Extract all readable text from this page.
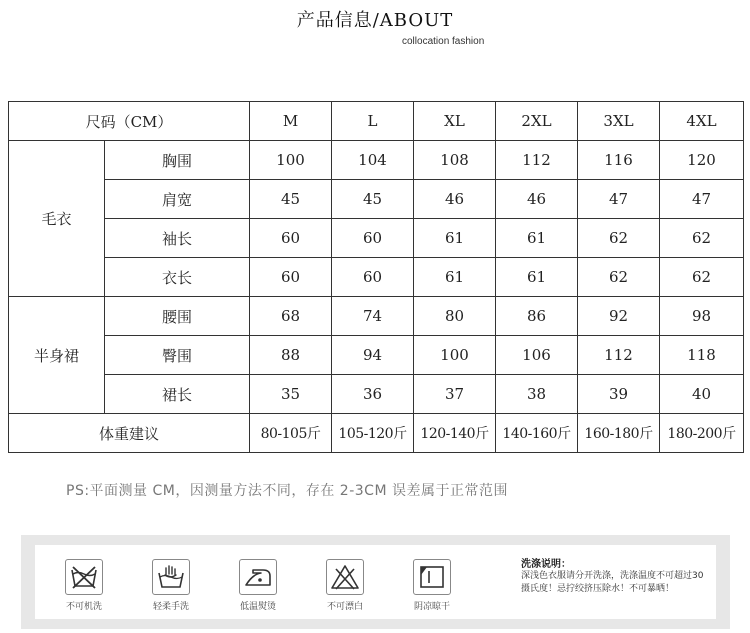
产品信息/ABOUT
collocation fashion
尺码（CM）		M	L	XL	2XL	3XL	4XL
毛衣	胸围	100	104	108	112	116	120
	肩宽	45	45	46	46	47	47
	袖长	60	60	61	61	62	62
	衣长	60	60	61	61	62	62
半身裙	腰围	68	74	80	86	92	98
	臀围	88	94	100	106	112	118
	裙长	35	36	37	38	39	40
体重建议		80-105斤	105-120斤	120-140斤	140-160斤	160-180斤	180-200斤
PS:平面测量 CM，因测量方法不同，存在 2-3CM 误差属于正常范围
不可机洗	轻柔手洗	低温熨烫	不可漂白	阴凉晾干
洗涤说明：
深浅色衣服请分开洗涤，洗涤温度不可超过30摄氏度！忌拧绞挤压除水！不可暴晒！
